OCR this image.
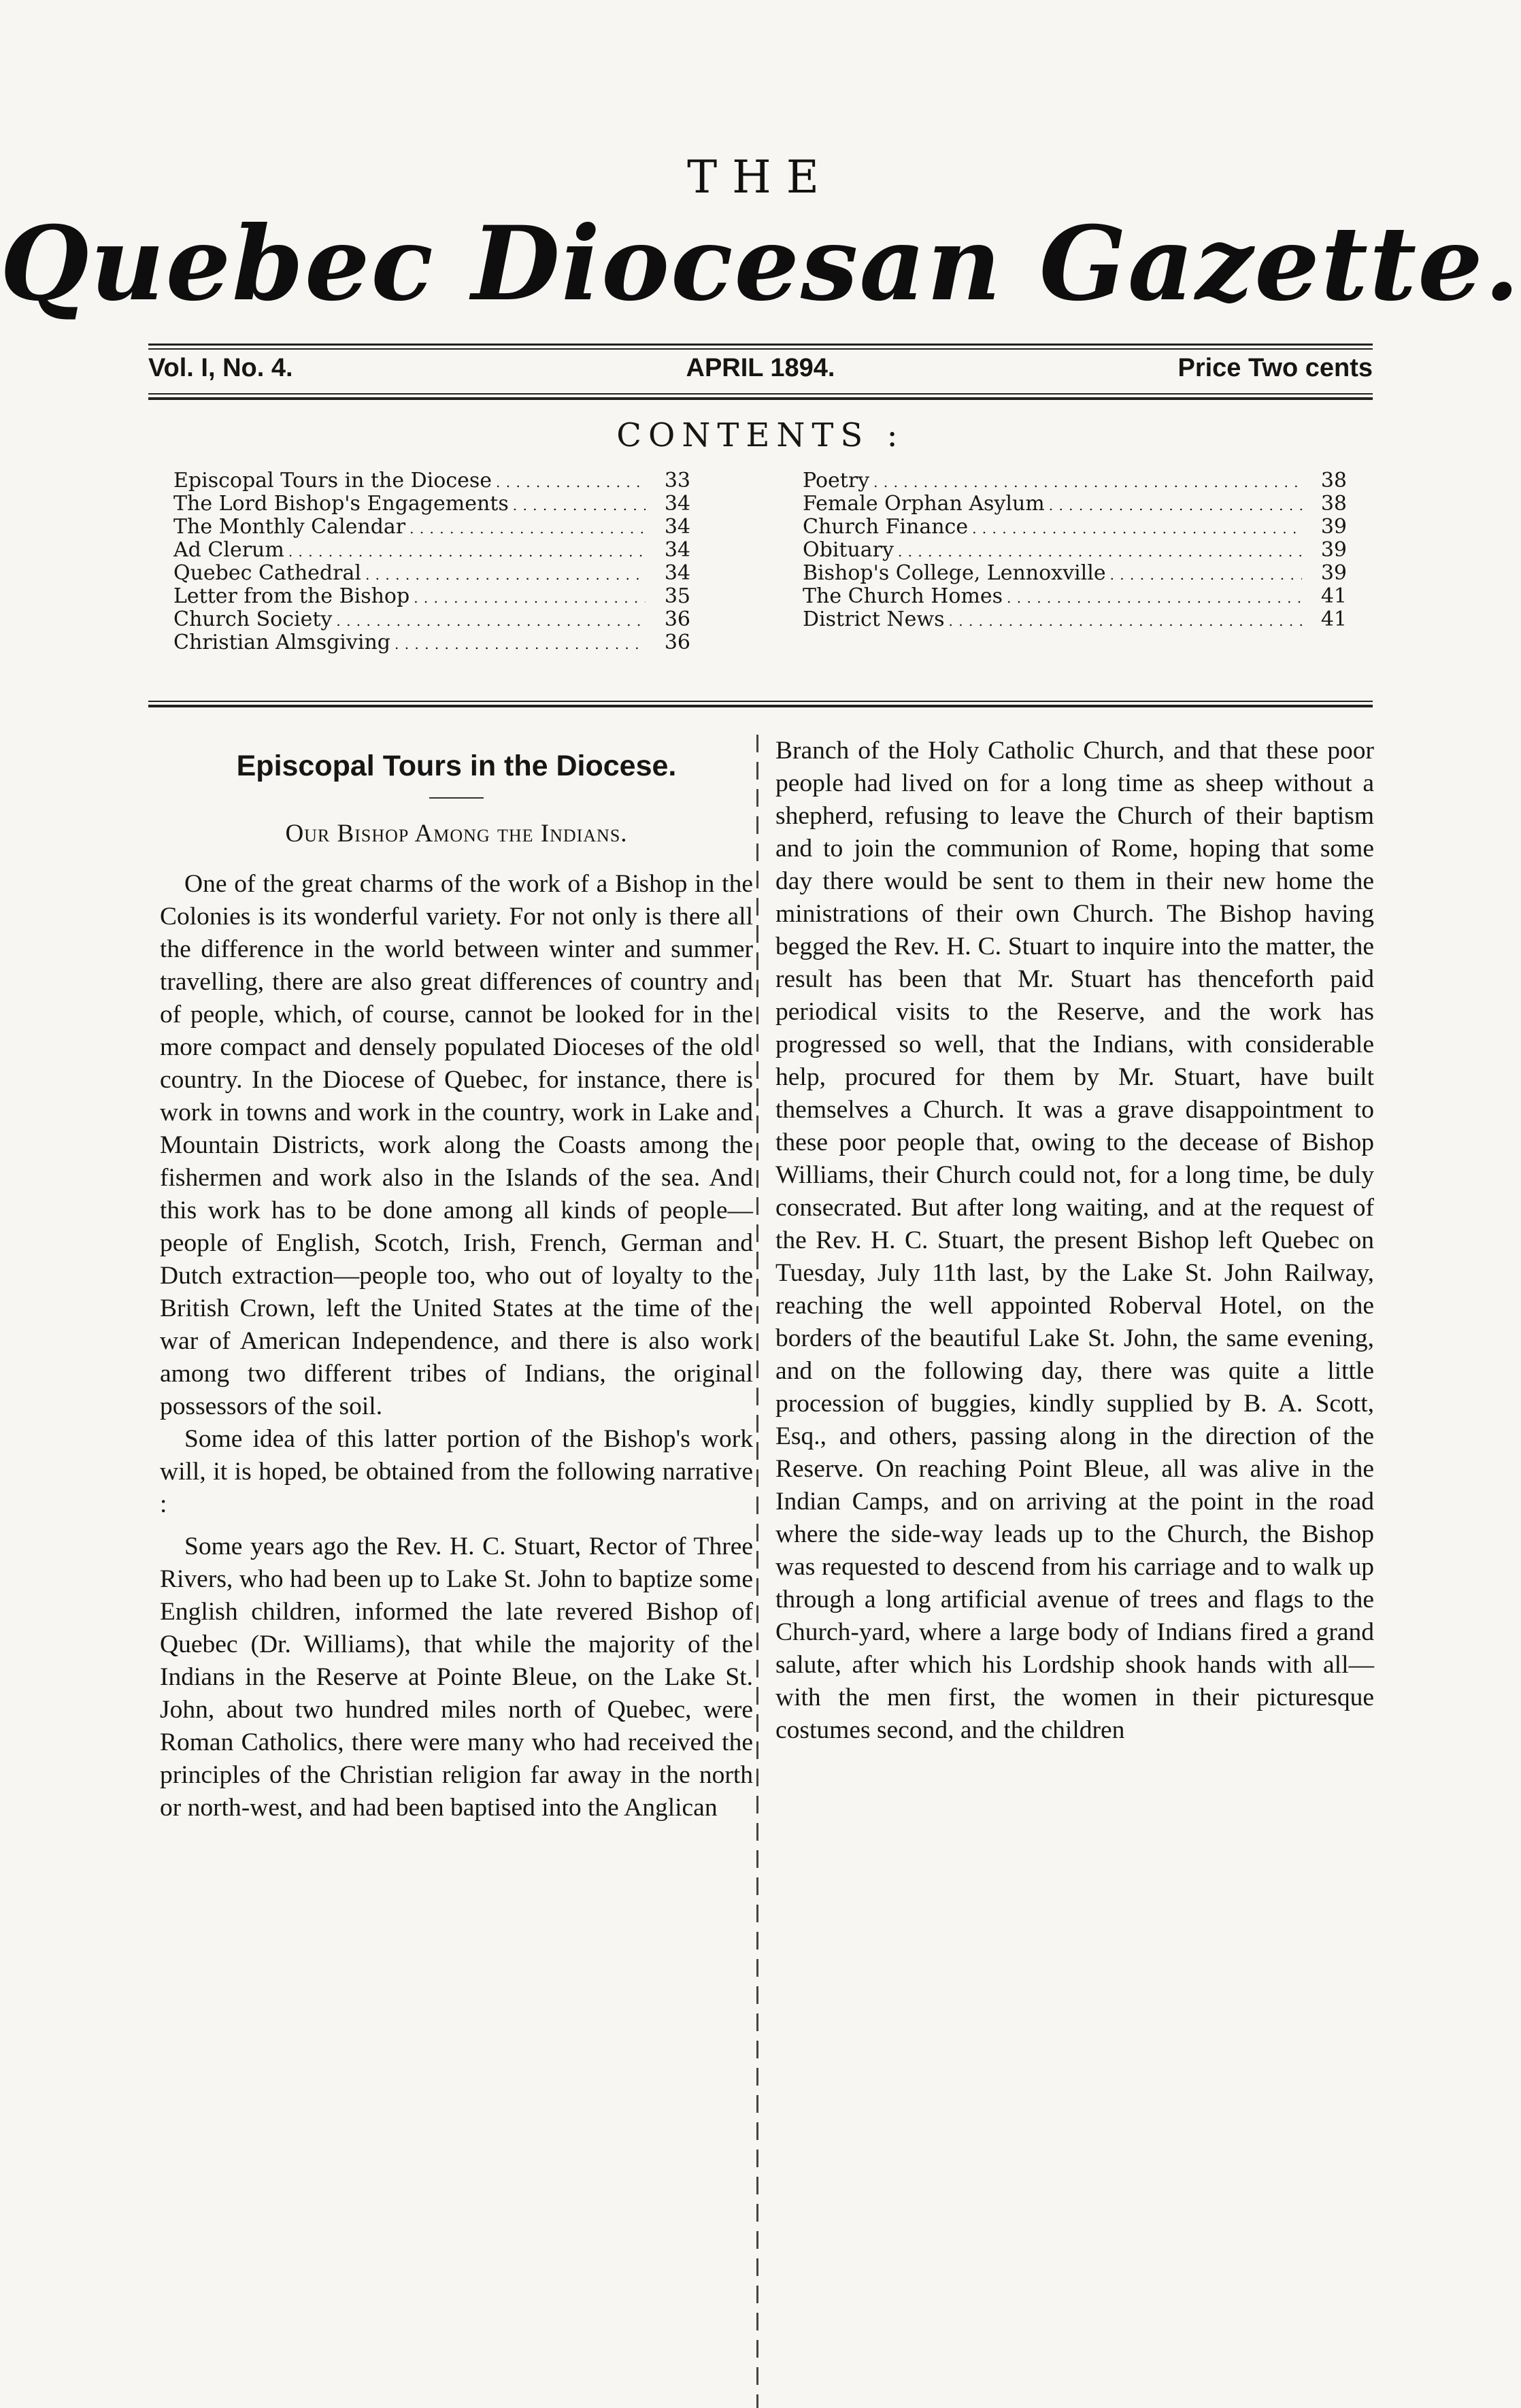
THE
Quebec Diocesan Gazette.
Vol. I, No. 4.	APRIL 1894.	Price Two cents
CONTENTS :
Episcopal Tours in the Diocese . . .	33
The Lord Bishop's Engagements . . .	34
The Monthly Calendar . . .	34
Ad Clerum . . .	34
Quebec Cathedral . . .	34
Letter from the Bishop . . .	35
Church Society . . .	36
Christian Almsgiving . . .	36
Poetry . . .	38
Female Orphan Asylum . . .	38
Church Finance . . .	39
Obituary . . .	39
Bishop's College, Lennoxville . . .	39
The Church Homes . . .	41
District News . . .	41
Episcopal Tours in the Diocese.
Our Bishop Among the Indians.

One of the great charms of the work of a Bishop in the Colonies is its wonderful variety. For not only is there all the difference in the world between winter and summer travelling, there are also great differences of country and of people, which, of course, cannot be looked for in the more compact and densely populated Dioceses of the old country. In the Diocese of Quebec, for instance, there is work in towns and work in the country, work in Lake and Mountain Districts, work along the Coasts among the fishermen and work also in the Islands of the sea. And this work has to be done among all kinds of people—people of English, Scotch, Irish, French, German and Dutch extraction—people too, who out of loyalty to the British Crown, left the United States at the time of the war of American Independence, and there is also work among two different tribes of Indians, the original possessors of the soil.

Some idea of this latter portion of the Bishop's work will, it is hoped, be obtained from the following narrative :

Some years ago the Rev. H. C. Stuart, Rector of Three Rivers, who had been up to Lake St. John to baptize some English children, informed the late revered Bishop of Quebec (Dr. Williams), that while the majority of the Indians in the Reserve at Pointe Bleue, on the Lake St. John, about two hundred miles north of Quebec, were Roman Catholics, there were many who had received the principles of the Christian religion far away in the north or north-west, and had been baptised into the Anglican

Branch of the Holy Catholic Church, and that these poor people had lived on for a long time as sheep without a shepherd, refusing to leave the Church of their baptism and to join the communion of Rome, hoping that some day there would be sent to them in their new home the ministrations of their own Church. The Bishop having begged the Rev. H. C. Stuart to inquire into the matter, the result has been that Mr. Stuart has thenceforth paid periodical visits to the Reserve, and the work has progressed so well, that the Indians, with considerable help, procured for them by Mr. Stuart, have built themselves a Church. It was a grave disappointment to these poor people that, owing to the decease of Bishop Williams, their Church could not, for a long time, be duly consecrated. But after long waiting, and at the request of the Rev. H. C. Stuart, the present Bishop left Quebec on Tuesday, July 11th last, by the Lake St. John Railway, reaching the well appointed Roberval Hotel, on the borders of the beautiful Lake St. John, the same evening, and on the following day, there was quite a little procession of buggies, kindly supplied by B. A. Scott, Esq., and others, passing along in the direction of the Reserve. On reaching Point Bleue, all was alive in the Indian Camps, and on arriving at the point in the road where the side-way leads up to the Church, the Bishop was requested to descend from his carriage and to walk up through a long artificial avenue of trees and flags to the Church-yard, where a large body of Indians fired a grand salute, after which his Lordship shook hands with all—with the men first, the women in their picturesque costumes second, and the children
